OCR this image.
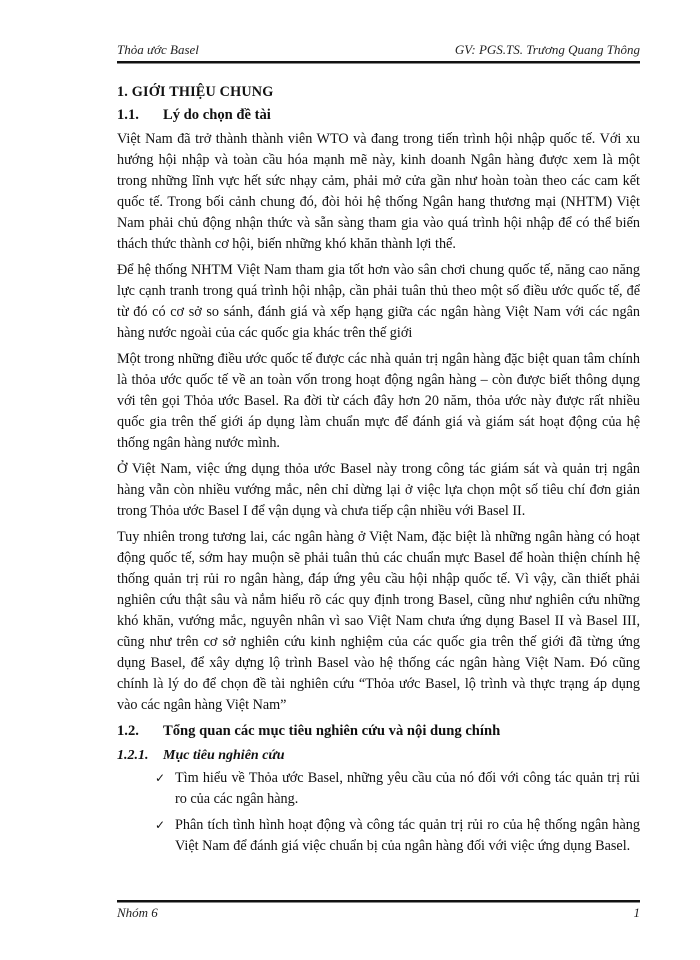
Thỏa ước Basel	GV: PGS.TS. Trương Quang Thông
1. GIỚI THIỆU CHUNG
1.1.	Lý do chọn đề tài

Việt Nam đã trở thành thành viên WTO và đang trong tiến trình hội nhập quốc tế. Với xu hướng hội nhập và toàn cầu hóa mạnh mẽ này, kinh doanh Ngân hàng được xem là một trong những lĩnh vực hết sức nhạy cảm, phải mở cửa gần như hoàn toàn theo các cam kết quốc tế. Trong bối cảnh chung đó, đòi hỏi hệ thống Ngân hang thương mại (NHTM) Việt Nam phải chủ động nhận thức và sẵn sàng tham gia vào quá trình hội nhập để có thể biến thách thức thành cơ hội, biến những khó khăn thành lợi thế.

Để hệ thống NHTM Việt Nam tham gia tốt hơn vào sân chơi chung quốc tế, năng cao năng lực cạnh tranh trong quá trình hội nhập, cần phải tuân thủ theo một số điều ước quốc tế, để từ đó có cơ sở so sánh, đánh giá và xếp hạng giữa các ngân hàng Việt Nam với các ngân hàng nước ngoài của các quốc gia khác trên thế giới

Một trong những điều ước quốc tế được các nhà quản trị ngân hàng đặc biệt quan tâm chính là thỏa ước quốc tế về an toàn vốn trong hoạt động ngân hàng – còn được biết thông dụng với tên gọi Thỏa ước Basel. Ra đời từ cách đây hơn 20 năm, thỏa ước này được rất nhiều quốc gia trên thế giới áp dụng làm chuẩn mực để đánh giá và giám sát hoạt động của hệ thống ngân hàng nước mình.

Ở Việt Nam, việc ứng dụng thỏa ước Basel này trong công tác giám sát và quản trị ngân hàng vẫn còn nhiều vướng mắc, nên chỉ dừng lại ở việc lựa chọn một số tiêu chí đơn giản trong Thỏa ước Basel I để vận dụng và chưa tiếp cận nhiều với Basel II.

Tuy nhiên trong tương lai, các ngân hàng ở Việt Nam, đặc biệt là những ngân hàng có hoạt động quốc tế, sớm hay muộn sẽ phải tuân thủ các chuẩn mực Basel để hoàn thiện chính hệ thống quản trị rủi ro ngân hàng, đáp ứng yêu cầu hội nhập quốc tế. Vì vậy, cần thiết phải nghiên cứu thật sâu và nắm hiểu rõ các quy định trong Basel, cũng như nghiên cứu những khó khăn, vướng mắc, nguyên nhân vì sao Việt Nam chưa ứng dụng Basel II và Basel III, cũng như trên cơ sở nghiên cứu kinh nghiệm của các quốc gia trên thế giới đã từng ứng dụng Basel, để xây dựng lộ trình Basel vào hệ thống các ngân hàng Việt Nam. Đó cũng chính là lý do để chọn đề tài nghiên cứu “Thỏa ước Basel, lộ trình và thực trạng áp dụng vào các ngân hàng Việt Nam”

1.2.	Tổng quan các mục tiêu nghiên cứu và nội dung chính
1.2.1.	Mục tiêu nghiên cứu
✓ Tìm hiểu về Thỏa ước Basel, những yêu cầu của nó đối với công tác quản trị rủi ro của các ngân hàng.
✓ Phân tích tình hình hoạt động và công tác quản trị rủi ro của hệ thống ngân hàng Việt Nam để đánh giá việc chuẩn bị của ngân hàng đối với việc ứng dụng Basel.
Nhóm 6	1
